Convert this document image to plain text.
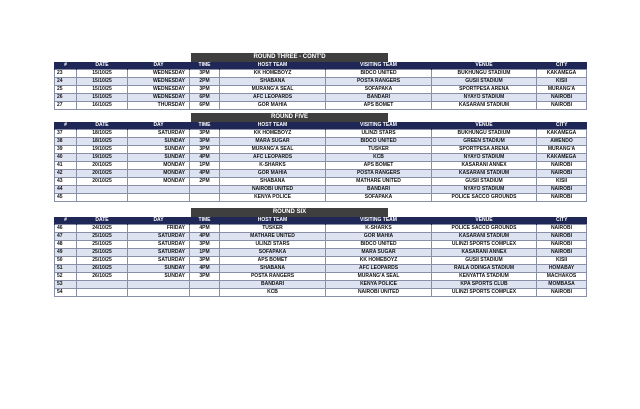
ROUND THREE - CONT'D
#	DATE	DAY	TIME	HOST TEAM	VISITING TEAM	VENUE	CITY
23	15/10/25	WEDNESDAY	3PM	KK HOMEBOYZ	BIDCO UNITED	BUKHUNGU STADIUM	KAKAMEGA
24	15/10/25	WEDNESDAY	2PM	SHABANA	POSTA RANGERS	GUSII STADIUM	KISII
25	15/10/25	WEDNESDAY	3PM	MURANG'A SEAL	SOFAPAKA	SPORTPESA ARENA	MURANG'A
26	15/10/25	WEDNESDAY	6PM	AFC LEOPARDS	BANDARI	NYAYO STADIUM	NAIROBI
27	16/10/25	THURSDAY	6PM	GOR MAHIA	APS BOMET	KASARANI STADIUM	NAIROBI
ROUND FIVE
#	DATE	DAY	TIME	HOST TEAM	VISITING TEAM	VENUE	CITY
37	18/10/25	SATURDAY	3PM	KK HOMEBOYZ	ULINZI STARS	BUKHUNGU STADIUM	KAKAMEGA
38	18/10/25	SUNDAY	3PM	MARA SUGAR	BIDCO UNITED	GREEN STADIUM	AWENDO
39	19/10/25	SUNDAY	3PM	MURANG'A SEAL	TUSKER	SPORTPESA ARENA	MURANG'A
40	19/10/25	SUNDAY	4PM	AFC LEOPARDS	KCB	NYAYO STADIUM	KAKAMEGA
41	20/10/25	MONDAY	1PM	K-SHARKS	APS BOMET	KASARANI ANNEX	NAIROBI
42	20/10/25	MONDAY	4PM	GOR MAHIA	POSTA RANGERS	KASARANI STADIUM	NAIROBI
43	20/10/25	MONDAY	2PM	SHABANA	MATHARE UNITED	GUSII STADIUM	KISII
44				NAIROBI UNITED	BANDARI	NYAYO STADIUM	NAIROBI
45				KENYA POLICE	SOFAPAKA	POLICE SACCO GROUNDS	NAIROBI
ROUND SIX
#	DATE	DAY	TIME	HOST TEAM	VISITING TEAM	VENUE	CITY
46	24/10/25	FRIDAY	4PM	TUSKER	K-SHARKS	POLICE SACCO GROUNDS	NAIROBI
47	25/10/25	SATURDAY	4PM	MATHARE UNITED	GOR MAHIA	KASARANI STADIUM	NAIROBI
48	25/10/25	SATURDAY	3PM	ULINZI STARS	BIDCO UNITED	ULINZI SPORTS COMPLEX	NAIROBI
49	25/10/25	SATURDAY	1PM	SOFAPAKA	MARA SUGAR	KASARANI ANNEX	NAIROBI
50	25/10/25	SATURDAY	3PM	APS BOMET	KK HOMEBOYZ	GUSII STADIUM	KISII
51	26/10/25	SUNDAY	4PM	SHABANA	AFC LEOPARDS	RAILA ODINGA STADIUM	HOMABAY
52	26/10/25	SUNDAY	3PM	POSTA RANGERS	MURANG'A SEAL	KENYATTA STADIUM	MACHAKOS
53				BANDARI	KENYA POLICE	KPA SPORTS CLUB	MOMBASA
54				KCB	NAIROBI UNITED	ULINZI SPORTS COMPLEX	NAIROBI
